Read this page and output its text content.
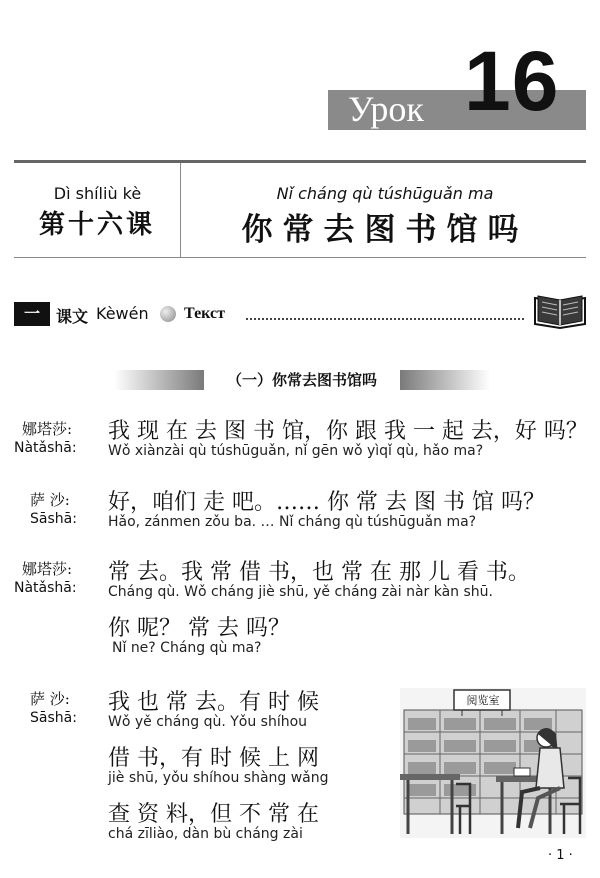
Урок 16
Dì shíliù kè
第十六课
Nǐ cháng qù túshūguǎn ma
你常去图书馆吗
一	课文 Kèwén Текст
（一）你常去图书馆吗
娜塔莎:
Nàtǎshā:
我 现 在 去 图 书 馆，你 跟 我 一 起 去，好 吗？
Wǒ xiànzài qù túshūguǎn, nǐ gēn wǒ yìqǐ qù, hǎo ma?
萨 沙:
Sāshā:
好，咱们 走 吧。…… 你 常 去 图 书 馆 吗？
Hǎo, zánmen zǒu ba. … Nǐ cháng qù túshūguǎn ma?
娜塔莎:
Nàtǎshā:
常 去。我 常 借 书，也 常 在 那 儿 看 书。
Cháng qù. Wǒ cháng jiè shū, yě cháng zài nàr kàn shū.
你 呢？ 常 去 吗？
Nǐ ne? Cháng qù ma?
萨 沙:
Sāshā:
我 也 常 去。有 时 候
Wǒ yě cháng qù. Yǒu shíhou
借 书，有 时 候 上 网
jiè shū, yǒu shíhou shàng wǎng
查 资 料，但 不 常 在
chá zīliào, dàn bù cháng zài
阅览室
· 1 ·
